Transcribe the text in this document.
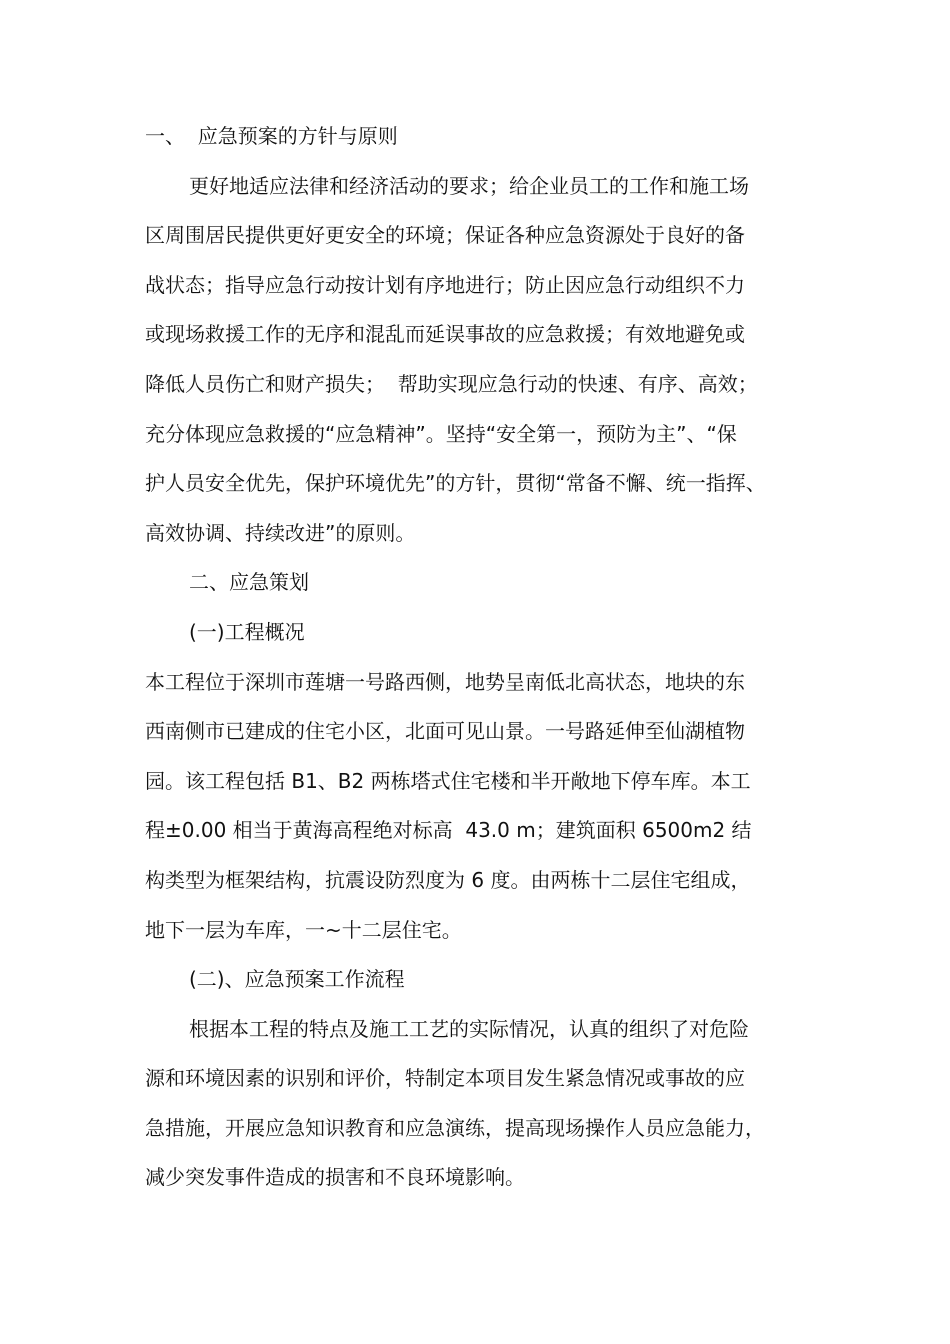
一、  应急预案的方针与原则
更好地适应法律和经济活动的要求；给企业员工的工作和施工场
区周围居民提供更好更安全的环境；保证各种应急资源处于良好的备
战状态；指导应急行动按计划有序地进行；防止因应急行动组织不力
或现场救援工作的无序和混乱而延误事故的应急救援；有效地避免或
降低人员伤亡和财产损失；  帮助实现应急行动的快速、有序、高效；
充分体现应急救援的“应急精神”。坚持“安全第一，预防为主”、“保
护人员安全优先，保护环境优先”的方针，贯彻“常备不懈、统一指挥、
高效协调、持续改进”的原则。
二、应急策划
(一)工程概况
本工程位于深圳市莲塘一号路西侧，地势呈南低北高状态，地块的东
西南侧市已建成的住宅小区，北面可见山景。一号路延伸至仙湖植物
园。该工程包括 B1、B2 两栋塔式住宅楼和半开敞地下停车库。本工
程±0.00 相当于黄海高程绝对标高  43.0 m；建筑面积 6500m2 结
构类型为框架结构，抗震设防烈度为 6 度。由两栋十二层住宅组成，
地下一层为车库，一~十二层住宅。
(二)、应急预案工作流程
根据本工程的特点及施工工艺的实际情况，认真的组织了对危险
源和环境因素的识别和评价，特制定本项目发生紧急情况或事故的应
急措施，开展应急知识教育和应急演练，提高现场操作人员应急能力，
减少突发事件造成的损害和不良环境影响。
